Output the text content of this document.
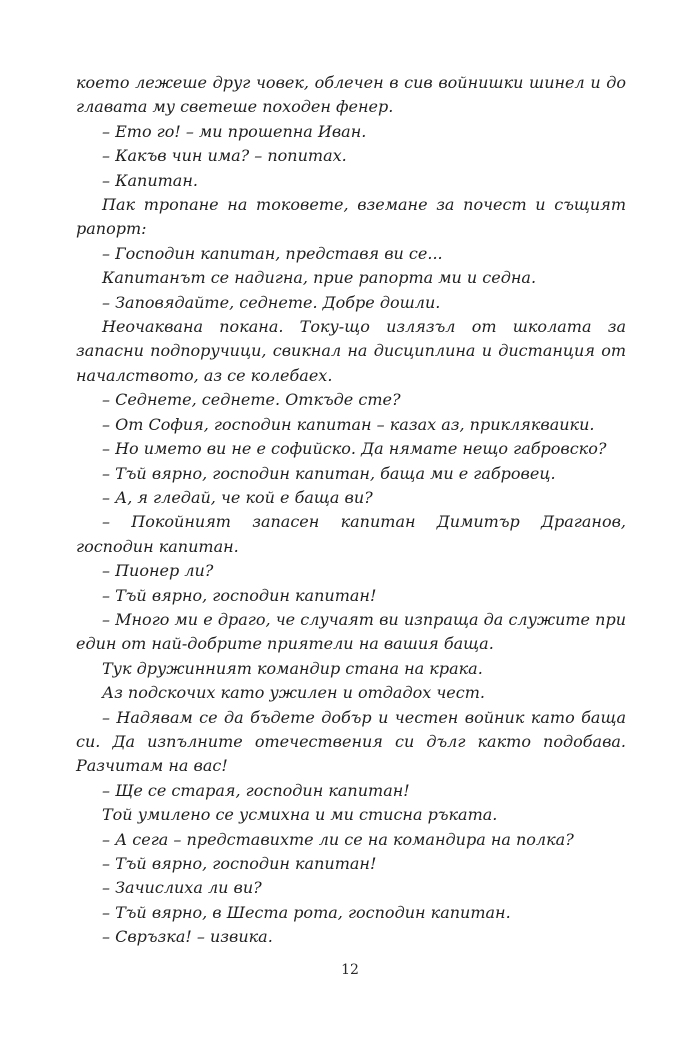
което лежеше друг човек, облечен в сив войнишки шинел и до главата му светеше походен фенер.

– Ето го! – ми прошепна Иван.

– Какъв чин има? – попитах.

– Капитан.

Пак тропане на токовете, вземане за почест и същият рапорт:

– Господин капитан, представя ви се...

Капитанът се надигна, прие рапорта ми и седна.

– Заповядайте, седнете. Добре дошли.

Неочаквана покана. Току-що излязъл от школата за запасни подпоручици, свикнал на дисциплина и дистанция от началството, аз се колебаех.

– Седнете, седнете. Откъде сте?

– От София, господин капитан – казах аз, приклякваики.

– Но името ви не е софийско. Да нямате нещо габровско?

– Тъй вярно, господин капитан, баща ми е габровец.

– А, я гледай, че кой е баща ви?

– Покойният запасен капитан Димитър Драганов, господин капитан.

– Пионер ли?

– Тъй вярно, господин капитан!

– Много ми е драго, че случаят ви изпраща да служите при един от най-добрите приятели на вашия баща.

Тук дружинният командир стана на крака.

Аз подскочих като ужилен и отдадох чест.

– Надявам се да бъдете добър и честен войник като баща си. Да изпълните отечествения си дълг както подобава. Разчитам на вас!

– Ще се старая, господин капитан!

Той умилено се усмихна и ми стисна ръката.

– А сега – представихте ли се на командира на полка?

– Тъй вярно, господин капитан!

– Зачислиха ли ви?

– Тъй вярно, в Шеста рота, господин капитан.

– Свръзка! – извика.

12
